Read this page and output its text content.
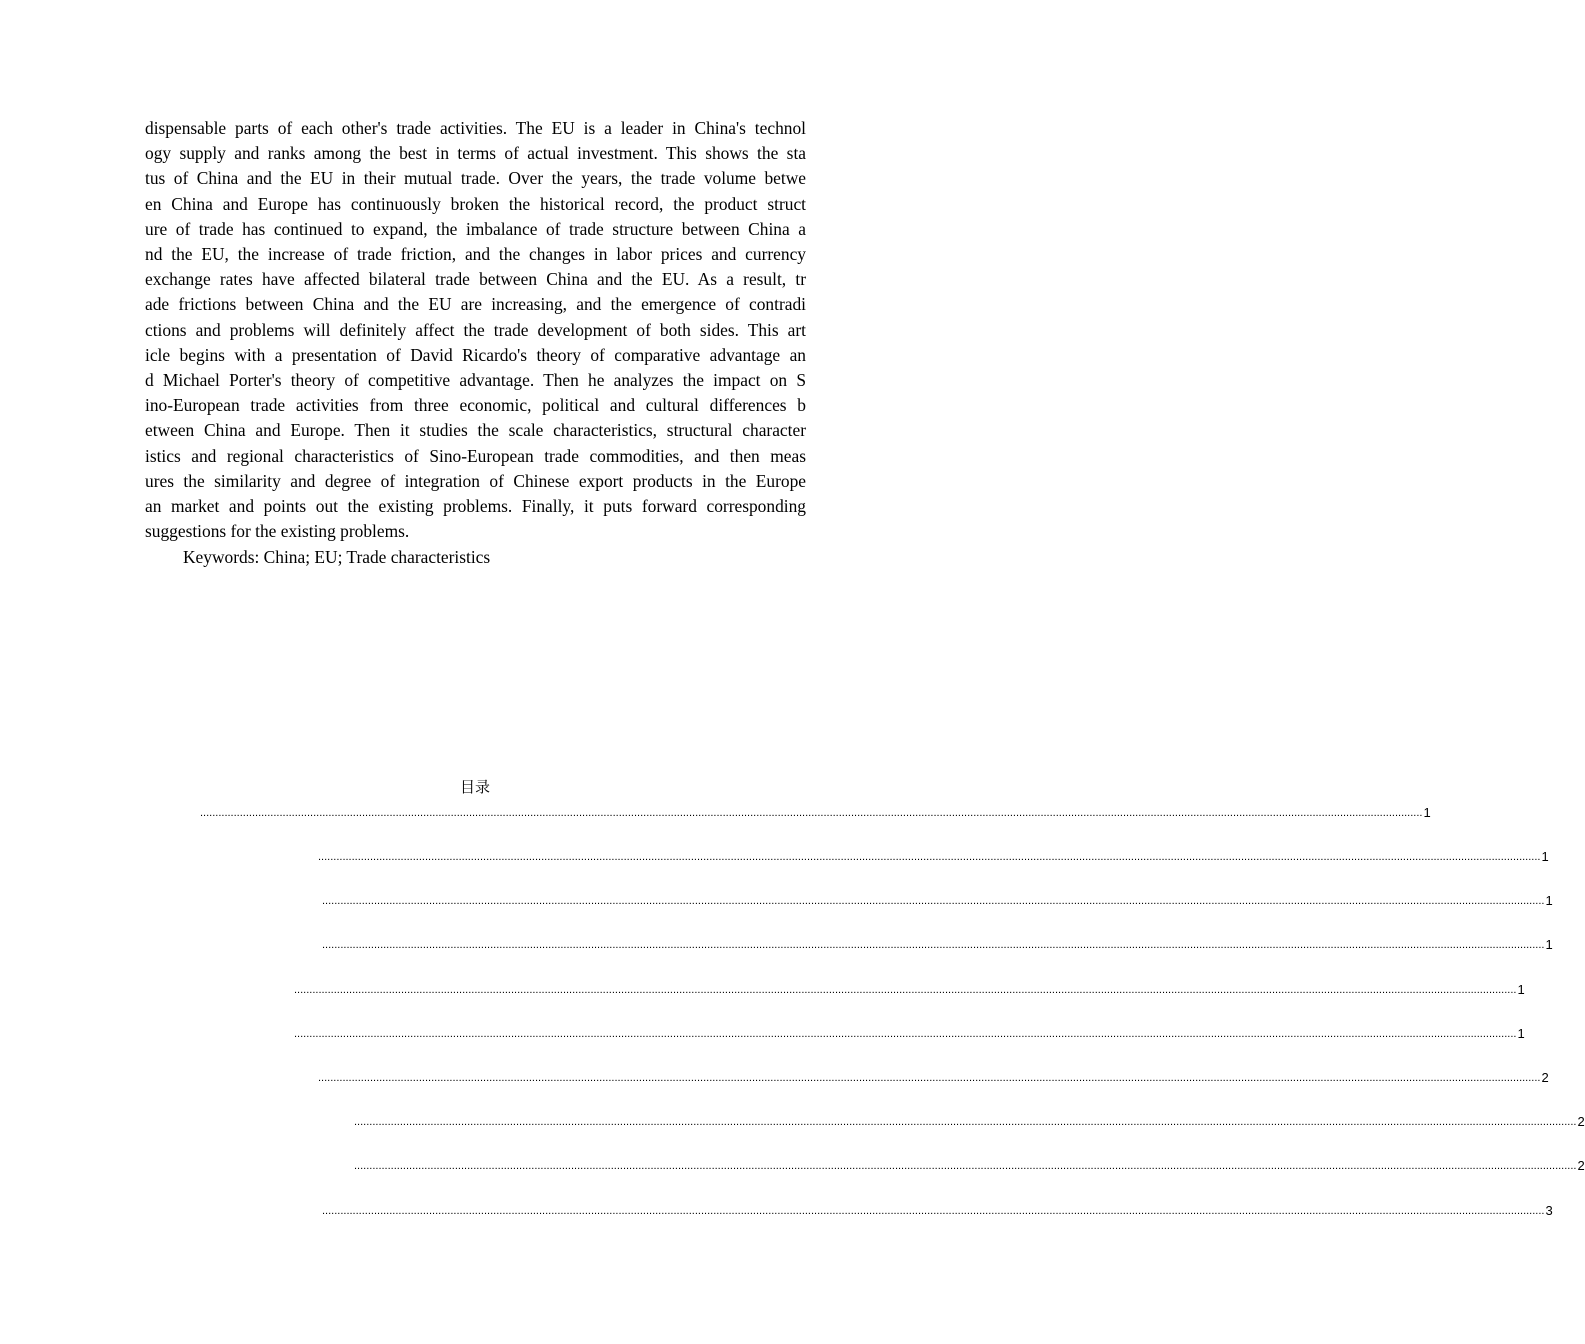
dispensable parts of each other's trade activities. The EU is a leader in China's technol
ogy supply and ranks among the best in terms of actual investment. This shows the sta
tus of China and the EU in their mutual trade. Over the years, the trade volume betwe
en China and Europe has continuously broken the historical record, the product struct
ure of trade has continued to expand, the imbalance of trade structure between China a
nd the EU, the increase of trade friction, and the changes in labor prices and currency
exchange rates have affected bilateral trade between China and the EU. As a result, tr
ade frictions between China and the EU are increasing, and the emergence of contradi
ctions and problems will definitely affect the trade development of both sides. This art
icle begins with a presentation of David Ricardo's theory of comparative advantage an
d Michael Porter's theory of competitive advantage. Then he analyzes the impact on S
ino-European trade activities from three economic, political and cultural differences b
etween China and Europe. Then it studies the scale characteristics, structural character
istics and regional characteristics of Sino-European trade commodities, and then meas
ures the similarity and degree of integration of Chinese export products in the Europe
an market and points out the existing problems. Finally, it puts forward corresponding
suggestions for the existing problems.
Keywords: China; EU; Trade characteristics
目录
................................................................................................................................................................................................................................................................................................................................................................................................................ 1
................................................................................................................................................................................................................................................................................................................................................................................................................ 1
................................................................................................................................................................................................................................................................................................................................................................................................................ 1
................................................................................................................................................................................................................................................................................................................................................................................................................ 1
................................................................................................................................................................................................................................................................................................................................................................................................................ 1
................................................................................................................................................................................................................................................................................................................................................................................................................ 1
................................................................................................................................................................................................................................................................................................................................................................................................................ 2
................................................................................................................................................................................................................................................................................................................................................................................................................ 2
................................................................................................................................................................................................................................................................................................................................................................................................................ 2
................................................................................................................................................................................................................................................................................................................................................................................................................ 3
